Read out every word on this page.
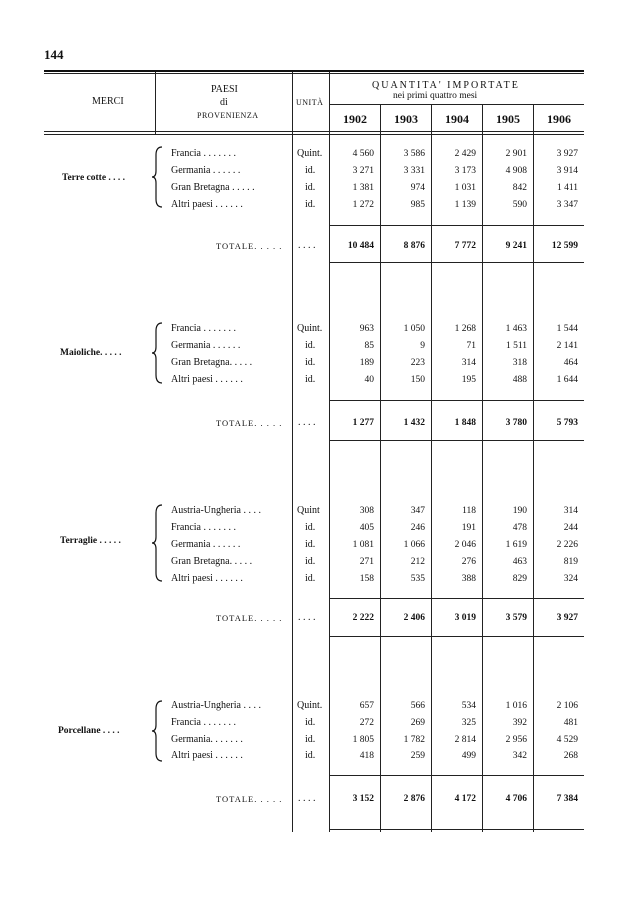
144
MERCI
PAESI
di
PROVENIENZA
UNITÀ
QUANTITA' IMPORTATE
nei primi quattro mesi
1902	1903	1904	1905	1906
Terre cotte . . . .
Francia . . . . . . .	Quint.	4 560	3 586	2 429	2 901	3 927
Germania . . . . . .	id.	3 271	3 331	3 173	4 908	3 914
Gran Bretagna . . . . .	id.	1 381	974	1 031	842	1 411
Altri paesi . . . . . .	id.	1 272	985	1 139	590	3 347
TOTALE. . . . . . . . .	10 484	8 876	7 772	9 241	12 599
Maioliche. . . . .
Francia . . . . . . .	Quint.	963	1 050	1 268	1 463	1 544
Germania . . . . . .	id.	85	9	71	1 511	2 141
Gran Bretagna. . . . .	id.	189	223	314	318	464
Altri paesi . . . . . .	id.	40	150	195	488	1 644
TOTALE. . . . . . . . .	1 277	1 432	1 848	3 780	5 793
Terraglie . . . . .
Austria-Ungheria . . . .	Quint	308	347	118	190	314
Francia . . . . . . .	id.	405	246	191	478	244
Germania . . . . . .	id.	1 081	1 066	2 046	1 619	2 226
Gran Bretagna. . . . .	id.	271	212	276	463	819
Altri paesi . . . . . .	id.	158	535	388	829	324
TOTALE. . . . . . . . .	2 222	2 406	3 019	3 579	3 927
Porcellane . . . .
Austria-Ungheria . . . .	Quint.	657	566	534	1 016	2 106
Francia . . . . . . .	id.	272	269	325	392	481
Germania. . . . . . .	id.	1 805	1 782	2 814	2 956	4 529
Altri paesi . . . . . .	id.	418	259	499	342	268
TOTALE. . . . . . . . .	3 152	2 876	4 172	4 706	7 384
